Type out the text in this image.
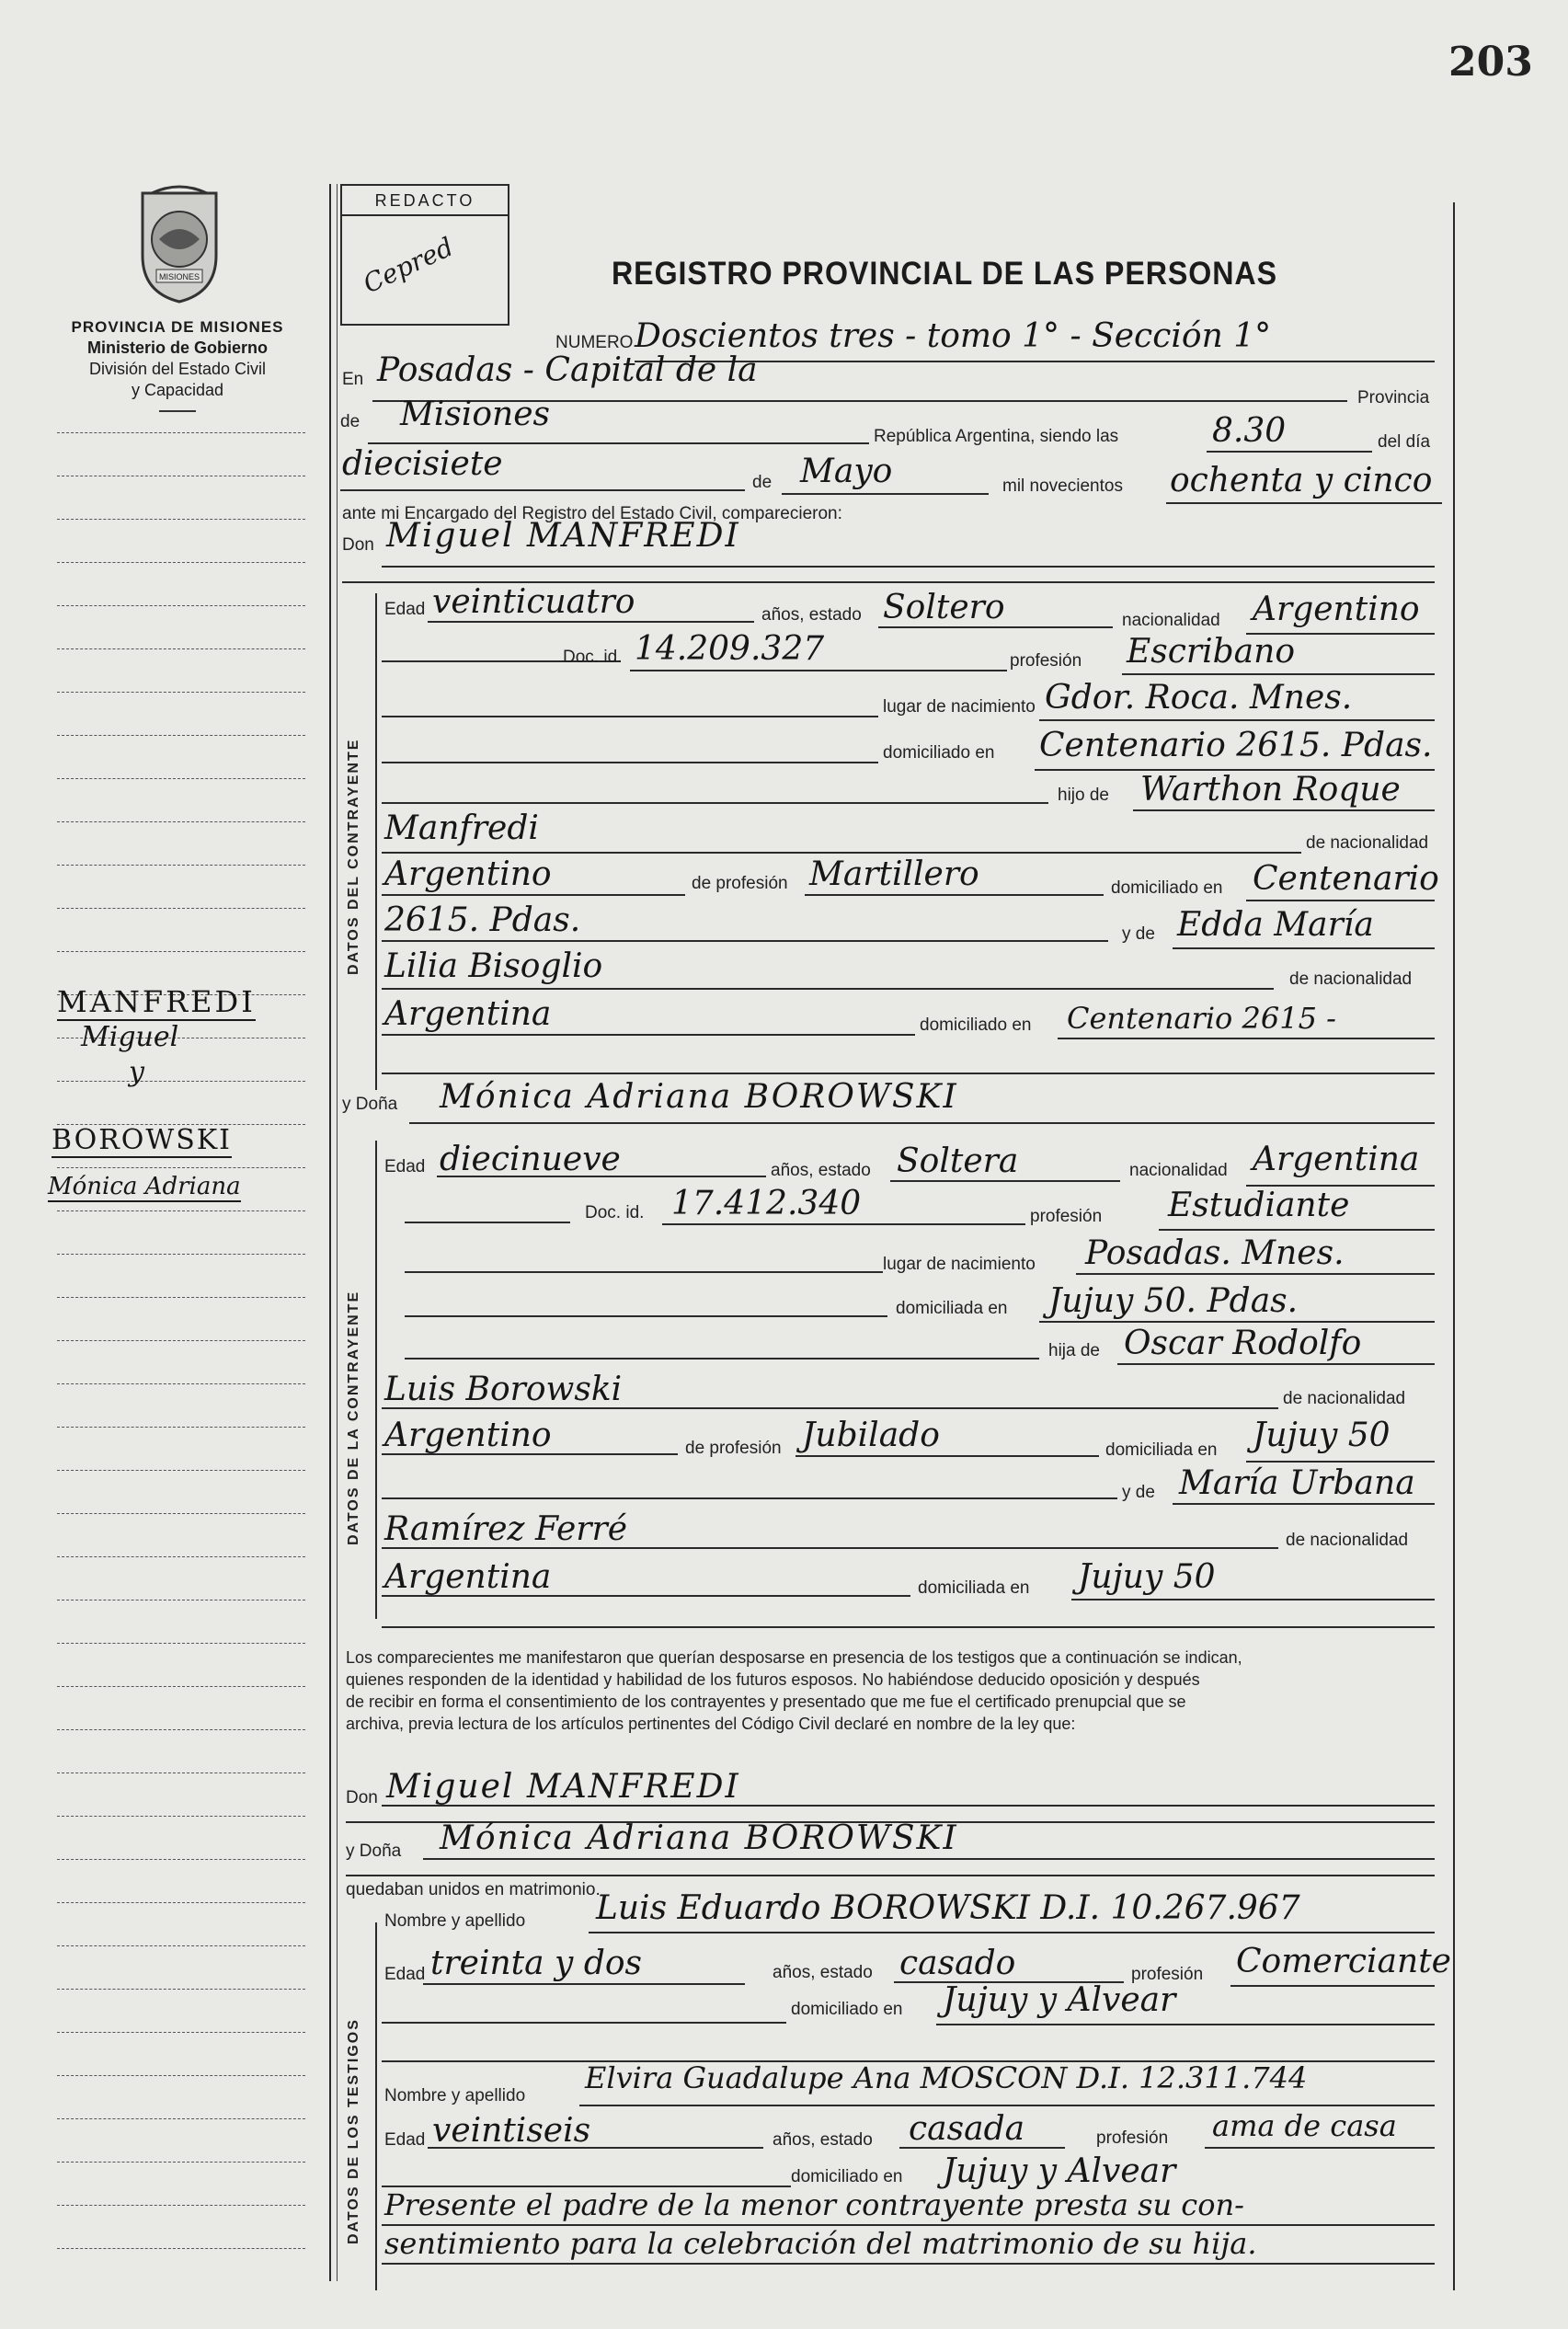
203
MISIONES
PROVINCIA DE MISIONES
Ministerio de Gobierno
División del Estado Civil
y Capacidad
MANFREDI
Miguel
y
BOROWSKI
Mónica Adriana
REDACTO
Cepred	REGISTRO PROVINCIAL DE LAS PERSONAS
NUMERO Doscientos tres - tomo 1° - Sección 1°
En Posadas - Capital de la
Provincia
de Misiones
República Argentina, siendo las	8.30	del día
diecisiete	de Mayo	mil novecientos ochenta y cinco
ante mi Encargado del Registro del Estado Civil, comparecieron:
Don Miguel MANFREDI
DATOS DEL CONTRAYENTE
Edad veinticuatro	años, estado Soltero	nacionalidad Argentino
Doc. id. 14.209.327	profesión Escribano
lugar de nacimiento Gdor. Roca. Mnes.
domiciliado en Centenario 2615. Pdas.
hijo de Warthon Roque
Manfredi	de nacionalidad
Argentino	de profesión Martillero	domiciliado en Centenario
2615. Pdas.	y de Edda María
Lilia Bisoglio	de nacionalidad
Argentina	domiciliado en Centenario 2615 -
y Doña Mónica Adriana BOROWSKI
DATOS DE LA CONTRAYENTE
Edad diecinueve	años, estado Soltera	nacionalidad Argentina
Doc. id. 17.412.340	profesión Estudiante
lugar de nacimiento Posadas. Mnes.
domiciliada en Jujuy 50. Pdas.
hija de Oscar Rodolfo
Luis Borowski	de nacionalidad
Argentino	de profesión Jubilado	domiciliada en Jujuy 50
y de María Urbana
Ramírez Ferré	de nacionalidad
Argentina	domiciliada en Jujuy 50
Los comparecientes me manifestaron que querían desposarse en presencia de los testigos que a continuación se indican,
quienes responden de la identidad y habilidad de los futuros esposos. No habiéndose deducido oposición y después
de recibir en forma el consentimiento de los contrayentes y presentado que me fue el certificado prenupcial que se
archiva, previa lectura de los artículos pertinentes del Código Civil declaré en nombre de la ley que:
Don Miguel MANFREDI
y Doña Mónica Adriana BOROWSKI
quedaban unidos en matrimonio.
DATOS DE LOS TESTIGOS
Nombre y apellido Luis Eduardo BOROWSKI D.I. 10.267.967
Edad treinta y dos	años, estado casado	profesión Comerciante
domiciliado en Jujuy y Alvear
Nombre y apellido
Elvira Guadalupe Ana MOSCON D.I. 12.311.744
Edad veintiseis	años, estado casada	profesión ama de casa
domiciliado en Jujuy y Alvear
Presente el padre de la menor contrayente presta su con-
sentimiento para la celebración del matrimonio de su hija.
